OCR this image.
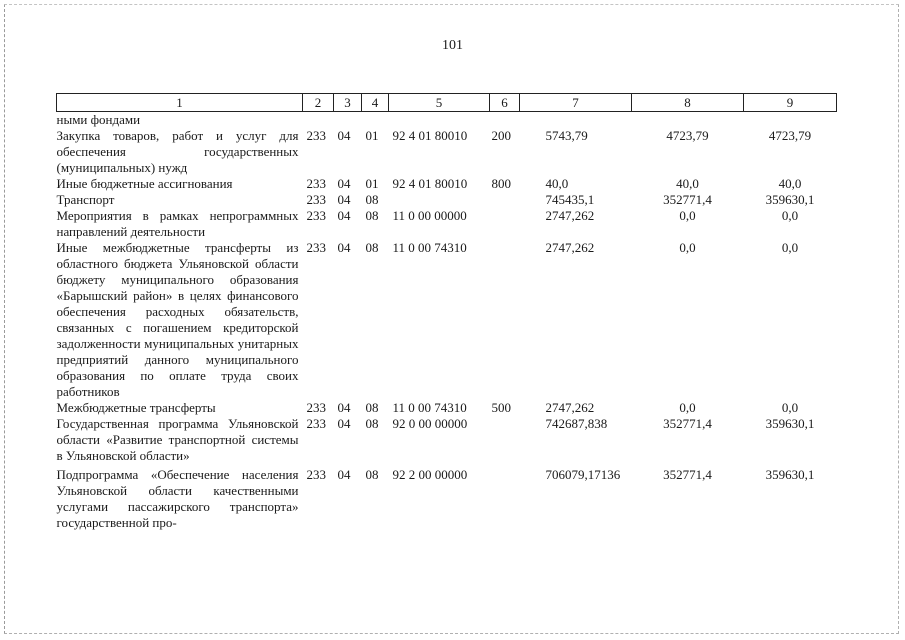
101
1	2	3	4	5	6	7	8	9
ными фондами								
Закупка товаров, работ и услуг для обеспечения государственных (муниципальных) нужд	233	04	01	92 4 01 80010	200	5743,79	4723,79	4723,79
Иные бюджетные ассигнования	233	04	01	92 4 01 80010	800	40,0	40,0	40,0
Транспорт	233	04	08			745435,1	352771,4	359630,1
Мероприятия в рамках непрограммных направлений деятельности	233	04	08	11 0 00 00000		2747,262	0,0	0,0
Иные межбюджетные трансферты из областного бюджета Ульяновской области бюджету муниципального образования «Барышский район» в целях финансового обеспечения расходных обязательств, связанных с погашением кредиторской задолженности муниципальных унитарных предприятий данного муниципального образования по оплате труда своих работников	233	04	08	11 0 00 74310		2747,262	0,0	0,0
Межбюджетные трансферты	233	04	08	11 0 00 74310	500	2747,262	0,0	0,0
Государственная программа Ульяновской области «Развитие транспортной системы в Ульяновской области»	233	04	08	92 0 00 00000		742687,838	352771,4	359630,1
Подпрограмма «Обеспечение населения Ульяновской области качественными услугами пассажирского транспорта» государственной про-	233	04	08	92 2 00 00000		706079,17136	352771,4	359630,1
